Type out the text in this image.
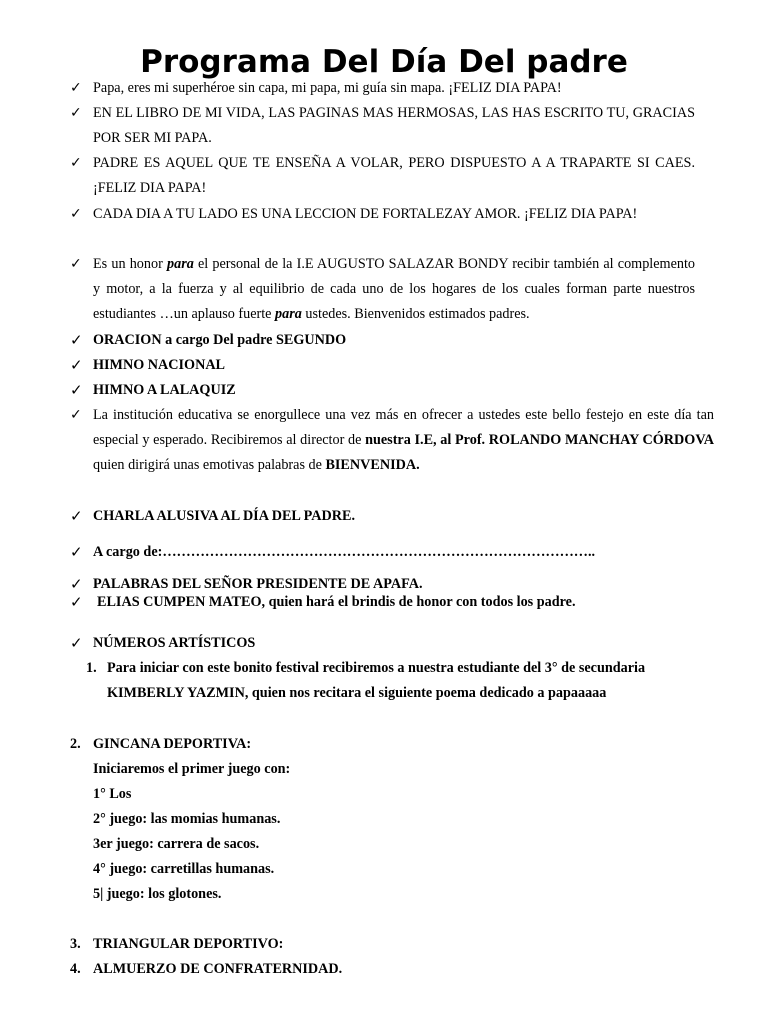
Programa Del Día Del padre
✓ Papa, eres mi superhéroe sin capa, mi papa, mi guía sin mapa. ¡FELIZ DIA PAPA!
✓ EN EL LIBRO DE MI VIDA, LAS PAGINAS MAS HERMOSAS, LAS HAS ESCRITO TU, GRACIAS POR SER MI PAPA.
✓ PADRE ES AQUEL QUE TE ENSEÑA A VOLAR, PERO DISPUESTO A A TRAPARTE SI CAES. ¡FELIZ DIA PAPA!
✓ CADA DIA A TU LADO ES UNA LECCION DE FORTALEZAY AMOR. ¡FELIZ DIA PAPA!
✓ Es un honor para el personal de la I.E AUGUSTO SALAZAR BONDY recibir también al complemento y motor, a la fuerza y al equilibrio de cada uno de los hogares de los cuales forman parte nuestros estudiantes …un aplauso fuerte para ustedes. Bienvenidos estimados padres.
✓ ORACION a cargo Del padre SEGUNDO
✓ HIMNO NACIONAL
✓ HIMNO A LALAQUIZ
✓ La institución educativa se enorgullece una vez más en ofrecer a ustedes este bello festejo en este día tan especial y esperado. Recibiremos al director de nuestra I.E, al Prof. ROLANDO MANCHAY CÓRDOVA quien dirigirá unas emotivas palabras de BIENVENIDA.
✓ CHARLA ALUSIVA AL DÍA DEL PADRE.
✓ A cargo de:………………………………………………………………………………..
✓ PALABRAS DEL SEÑOR PRESIDENTE DE APAFA.
✓ ELIAS CUMPEN MATEO, quien hará el brindis de honor con todos los padre.
✓ NÚMEROS ARTÍSTICOS
1. Para iniciar con este bonito festival recibiremos a nuestra estudiante del 3° de secundaria KIMBERLY YAZMIN, quien nos recitara el siguiente poema dedicado a papaaaaa
2. GINCANA DEPORTIVA:
Iniciaremos el primer juego con:
1° Los
2° juego: las momias humanas.
3er juego: carrera de sacos.
4° juego: carretillas humanas.
5| juego: los glotones.
3. TRIANGULAR DEPORTIVO:
4. ALMUERZO DE CONFRATERNIDAD.
